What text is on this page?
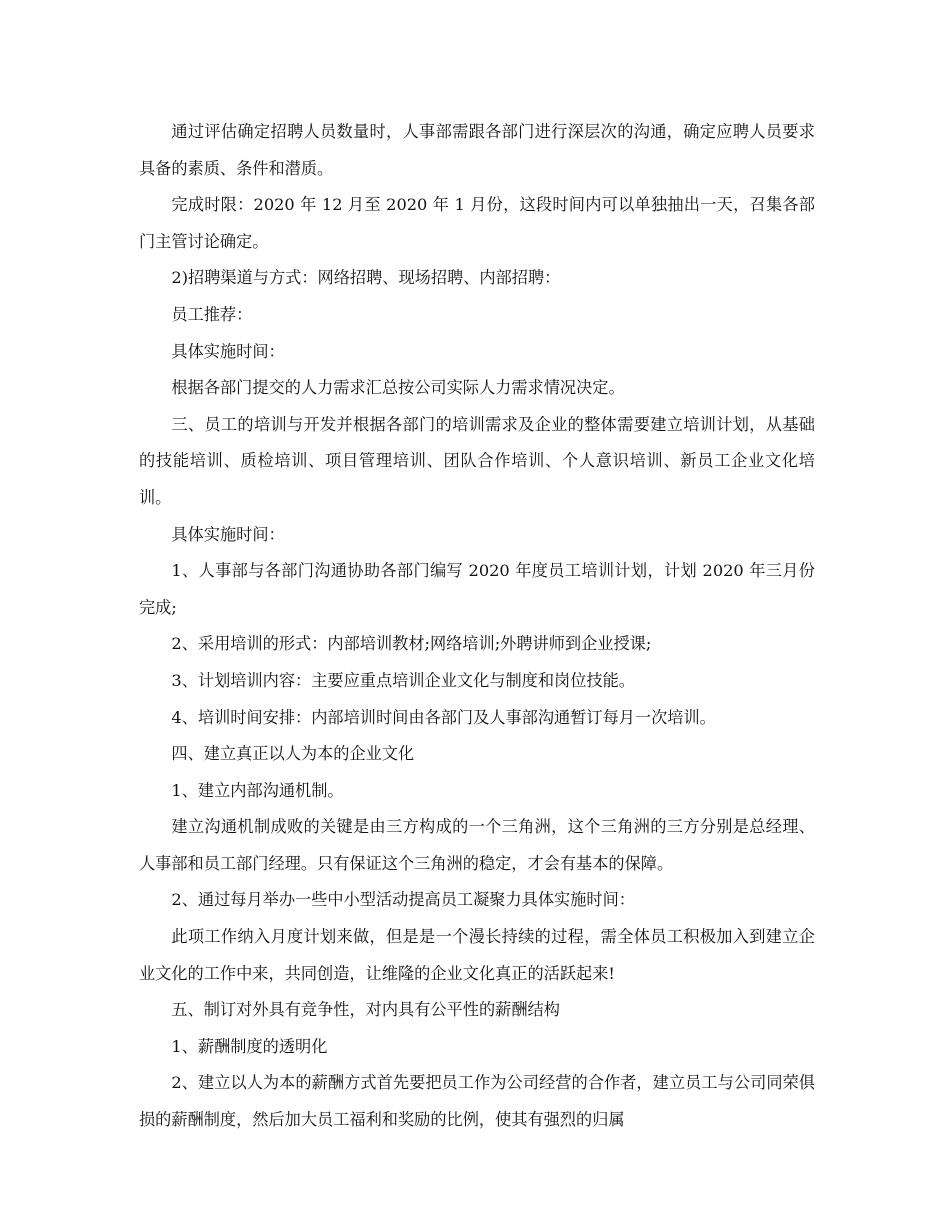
通过评估确定招聘人员数量时，人事部需跟各部门进行深层次的沟通，确定应聘人员要求具备的素质、条件和潜质。

完成时限：2020 年 12 月至 2020 年 1 月份，这段时间内可以单独抽出一天，召集各部门主管讨论确定。

2)招聘渠道与方式：网络招聘、现场招聘、内部招聘：

员工推荐：

具体实施时间：

根据各部门提交的人力需求汇总按公司实际人力需求情况决定。

三、员工的培训与开发并根据各部门的培训需求及企业的整体需要建立培训计划，从基础的技能培训、质检培训、项目管理培训、团队合作培训、个人意识培训、新员工企业文化培训。

具体实施时间：

1、人事部与各部门沟通协助各部门编写 2020 年度员工培训计划，计划 2020 年三月份完成;

2、采用培训的形式：内部培训教材;网络培训;外聘讲师到企业授课;

3、计划培训内容：主要应重点培训企业文化与制度和岗位技能。

4、培训时间安排：内部培训时间由各部门及人事部沟通暂订每月一次培训。

四、建立真正以人为本的企业文化

1、建立内部沟通机制。

建立沟通机制成败的关键是由三方构成的一个三角洲，这个三角洲的三方分别是总经理、人事部和员工部门经理。只有保证这个三角洲的稳定，才会有基本的保障。

2、通过每月举办一些中小型活动提高员工凝聚力具体实施时间：

此项工作纳入月度计划来做，但是是一个漫长持续的过程，需全体员工积极加入到建立企业文化的工作中来，共同创造，让维隆的企业文化真正的活跃起来!

五、制订对外具有竞争性，对内具有公平性的薪酬结构

1、薪酬制度的透明化

2、建立以人为本的薪酬方式首先要把员工作为公司经营的合作者，建立员工与公司同荣俱损的薪酬制度，然后加大员工福利和奖励的比例，使其有强烈的归属
